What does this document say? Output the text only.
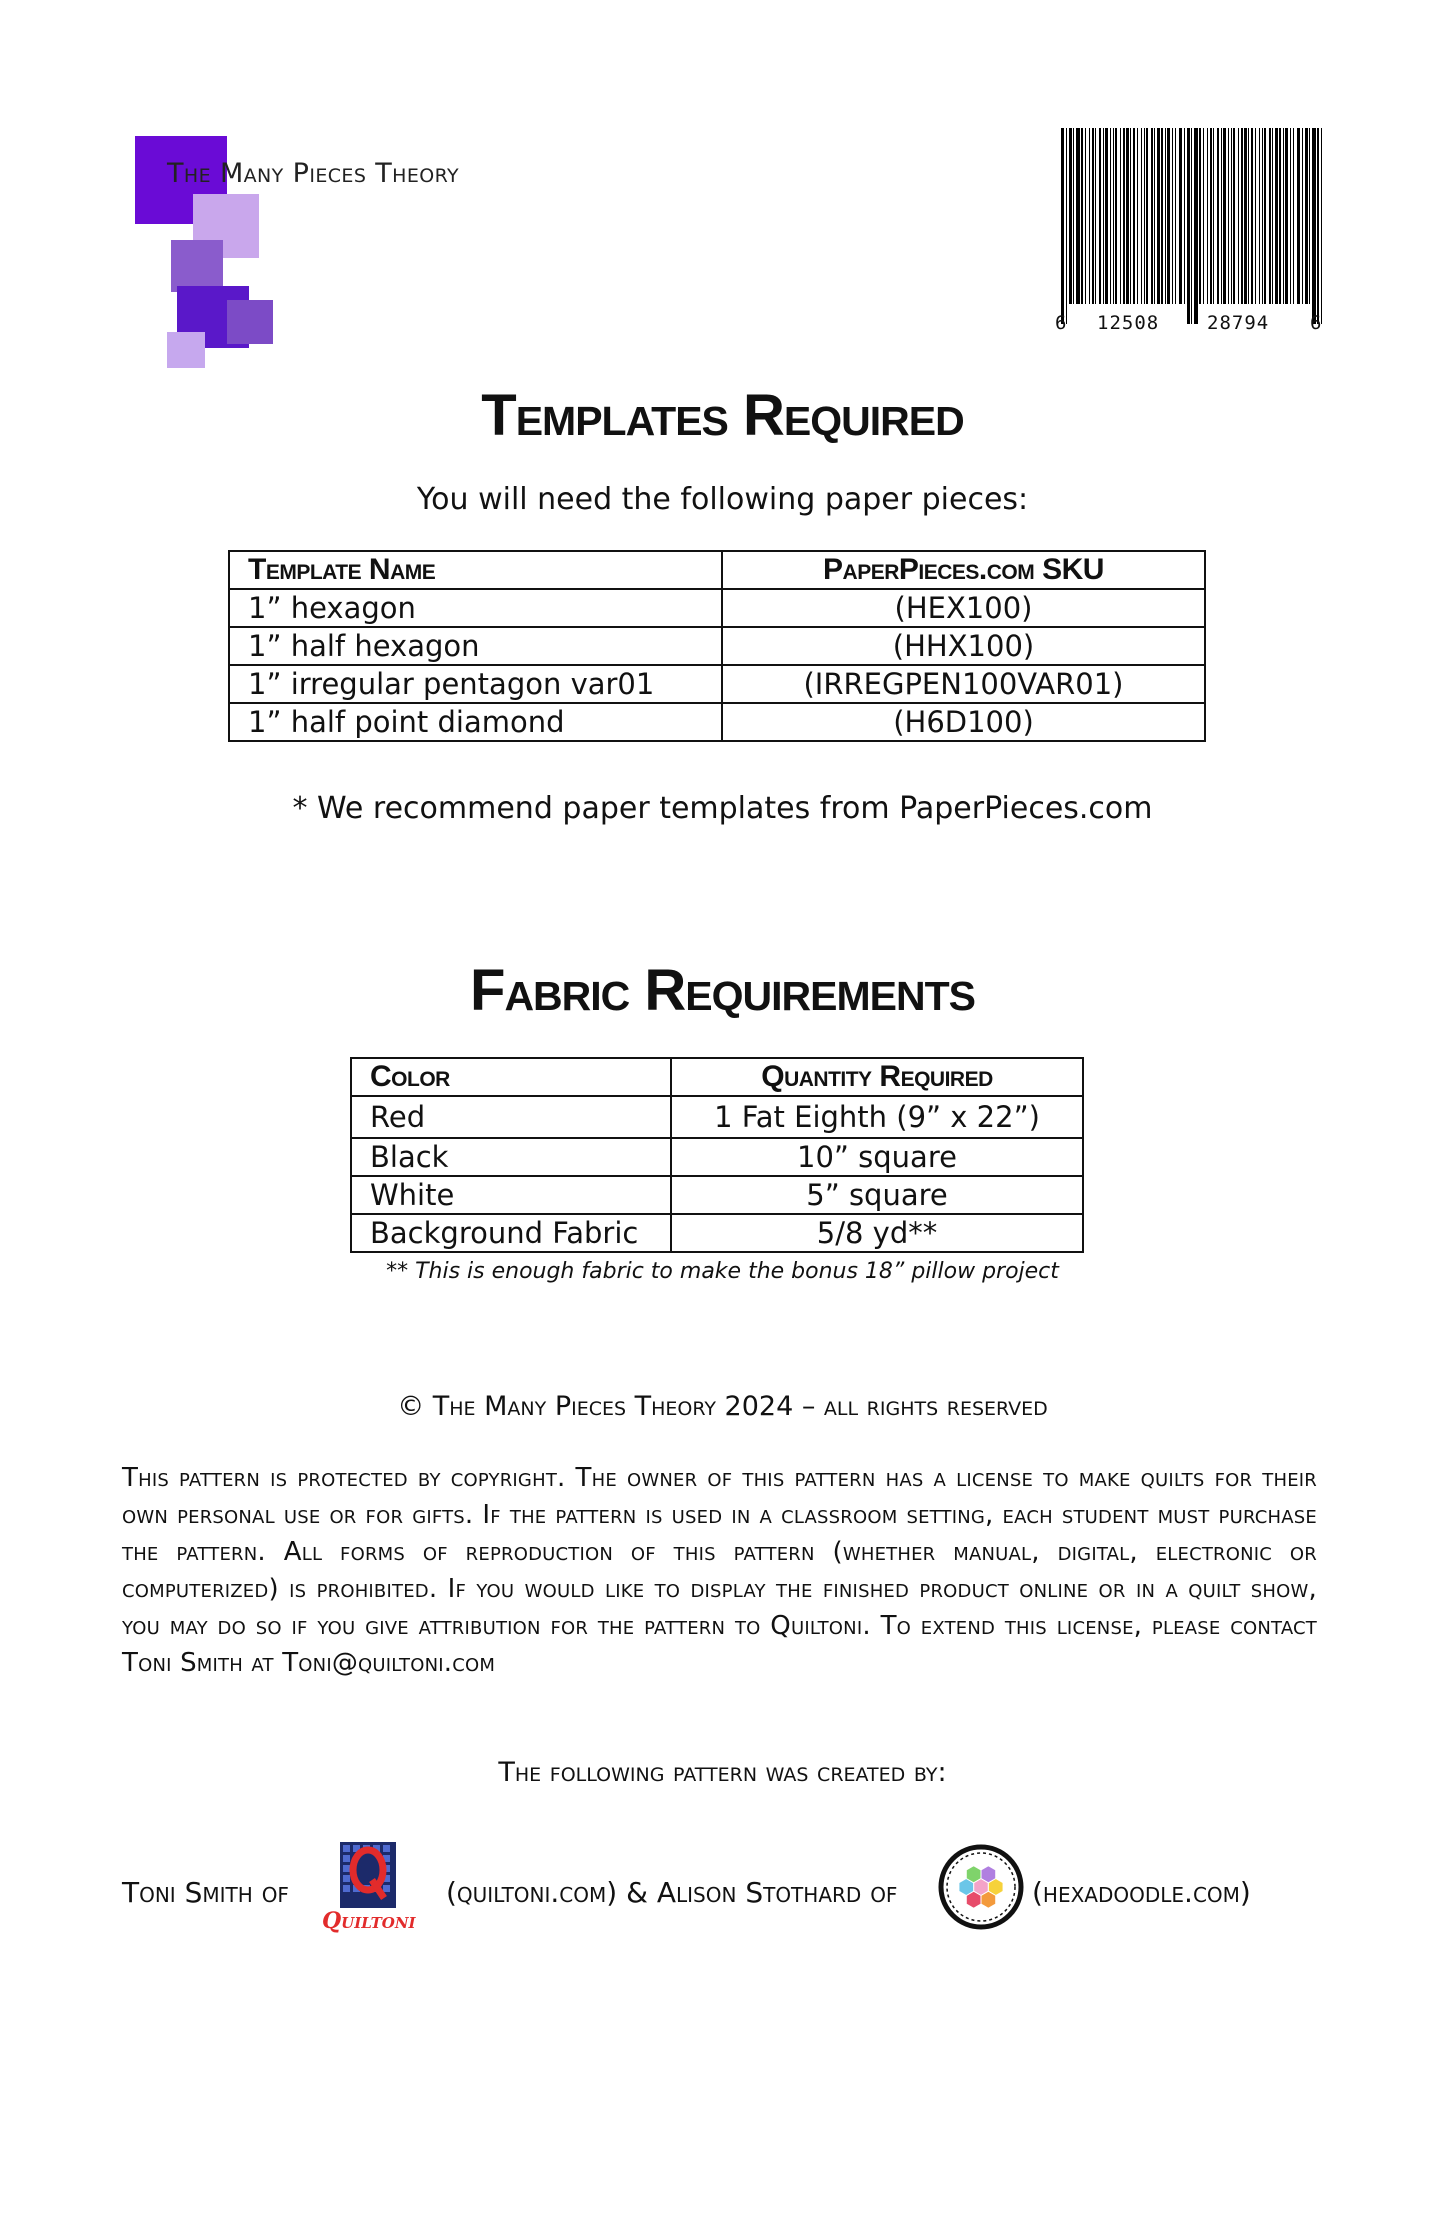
The Many Pieces Theory
6 12508	28794 6
Templates Required
You will need the following paper pieces:
Template Name	PaperPieces.com SKU
1” hexagon	(HEX100)
1” half hexagon	(HHX100)
1” irregular pentagon var01	(IRREGPEN100VAR01)
1” half point diamond	(H6D100)
* We recommend paper templates from PaperPieces.com
Fabric Requirements
Color	Quantity Required
Red	1 Fat Eighth (9” x 22”)
Black	10” square
White	5” square
Background Fabric	5/8 yd**
** This is enough fabric to make the bonus 18” pillow project
© The Many Pieces Theory 2024 – all rights reserved
This pattern is protected by copyright. The owner of this pattern has a license to make quilts for their own personal use or for gifts. If the pattern is used in a classroom setting, each student must purchase the pattern. All forms of reproduction of this pattern (whether manual, digital, electronic or computerized) is prohibited. If you would like to display the finished product online or in a quilt show, you may do so if you give attribution for the pattern to Quiltoni. To extend this license, please contact Toni Smith at Toni@quiltoni.com
The following pattern was created by:
Toni Smith of
Quiltoni
(quiltoni.com) & Alison Stothard of	(hexadoodle.com)
